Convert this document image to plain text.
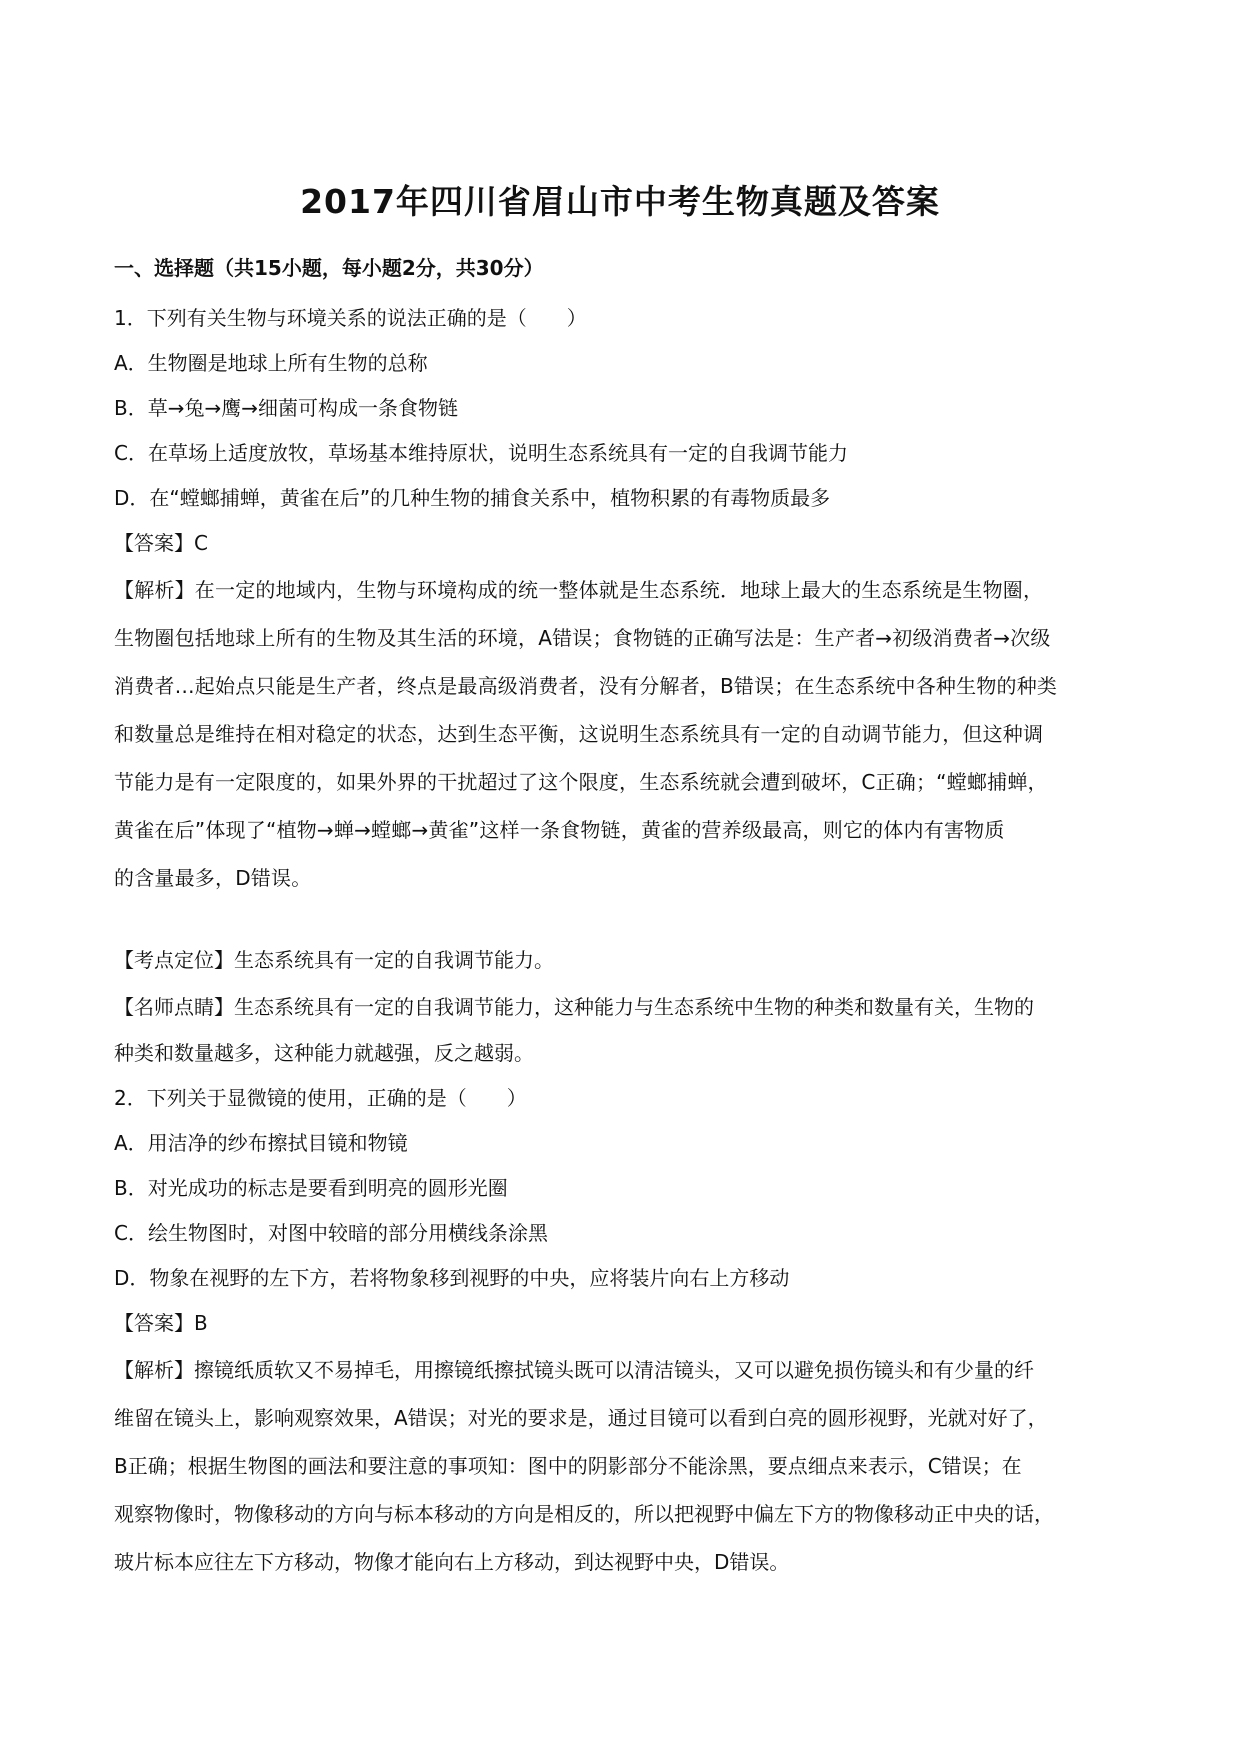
2017年四川省眉山市中考生物真题及答案
一、选择题（共15小题，每小题2分，共30分）
1．下列有关生物与环境关系的说法正确的是（　　）
A．生物圈是地球上所有生物的总称
B．草→兔→鹰→细菌可构成一条食物链
C．在草场上适度放牧，草场基本维持原状，说明生态系统具有一定的自我调节能力
D．在“螳螂捕蝉，黄雀在后”的几种生物的捕食关系中，植物积累的有毒物质最多
【答案】C
【解析】在一定的地域内，生物与环境构成的统一整体就是生态系统．地球上最大的生态系统是生物圈，
生物圈包括地球上所有的生物及其生活的环境，A错误；食物链的正确写法是：生产者→初级消费者→次级
消费者…起始点只能是生产者，终点是最高级消费者，没有分解者，B错误；在生态系统中各种生物的种类
和数量总是维持在相对稳定的状态，达到生态平衡，这说明生态系统具有一定的自动调节能力，但这种调
节能力是有一定限度的，如果外界的干扰超过了这个限度，生态系统就会遭到破坏，C正确；“螳螂捕蝉，
黄雀在后”体现了“植物→蝉→螳螂→黄雀”这样一条食物链，黄雀的营养级最高，则它的体内有害物质
的含量最多，D错误。
【考点定位】生态系统具有一定的自我调节能力。
【名师点睛】生态系统具有一定的自我调节能力，这种能力与生态系统中生物的种类和数量有关，生物的
种类和数量越多，这种能力就越强，反之越弱。
2．下列关于显微镜的使用，正确的是（　　）
A．用洁净的纱布擦拭目镜和物镜
B．对光成功的标志是要看到明亮的圆形光圈
C．绘生物图时，对图中较暗的部分用横线条涂黑
D．物象在视野的左下方，若将物象移到视野的中央，应将装片向右上方移动
【答案】B
【解析】擦镜纸质软又不易掉毛，用擦镜纸擦拭镜头既可以清洁镜头，又可以避免损伤镜头和有少量的纤
维留在镜头上，影响观察效果，A错误；对光的要求是，通过目镜可以看到白亮的圆形视野，光就对好了，
B正确；根据生物图的画法和要注意的事项知：图中的阴影部分不能涂黑，要点细点来表示，C错误；在
观察物像时，物像移动的方向与标本移动的方向是相反的，所以把视野中偏左下方的物像移动正中央的话，
玻片标本应往左下方移动，物像才能向右上方移动，到达视野中央，D错误。
